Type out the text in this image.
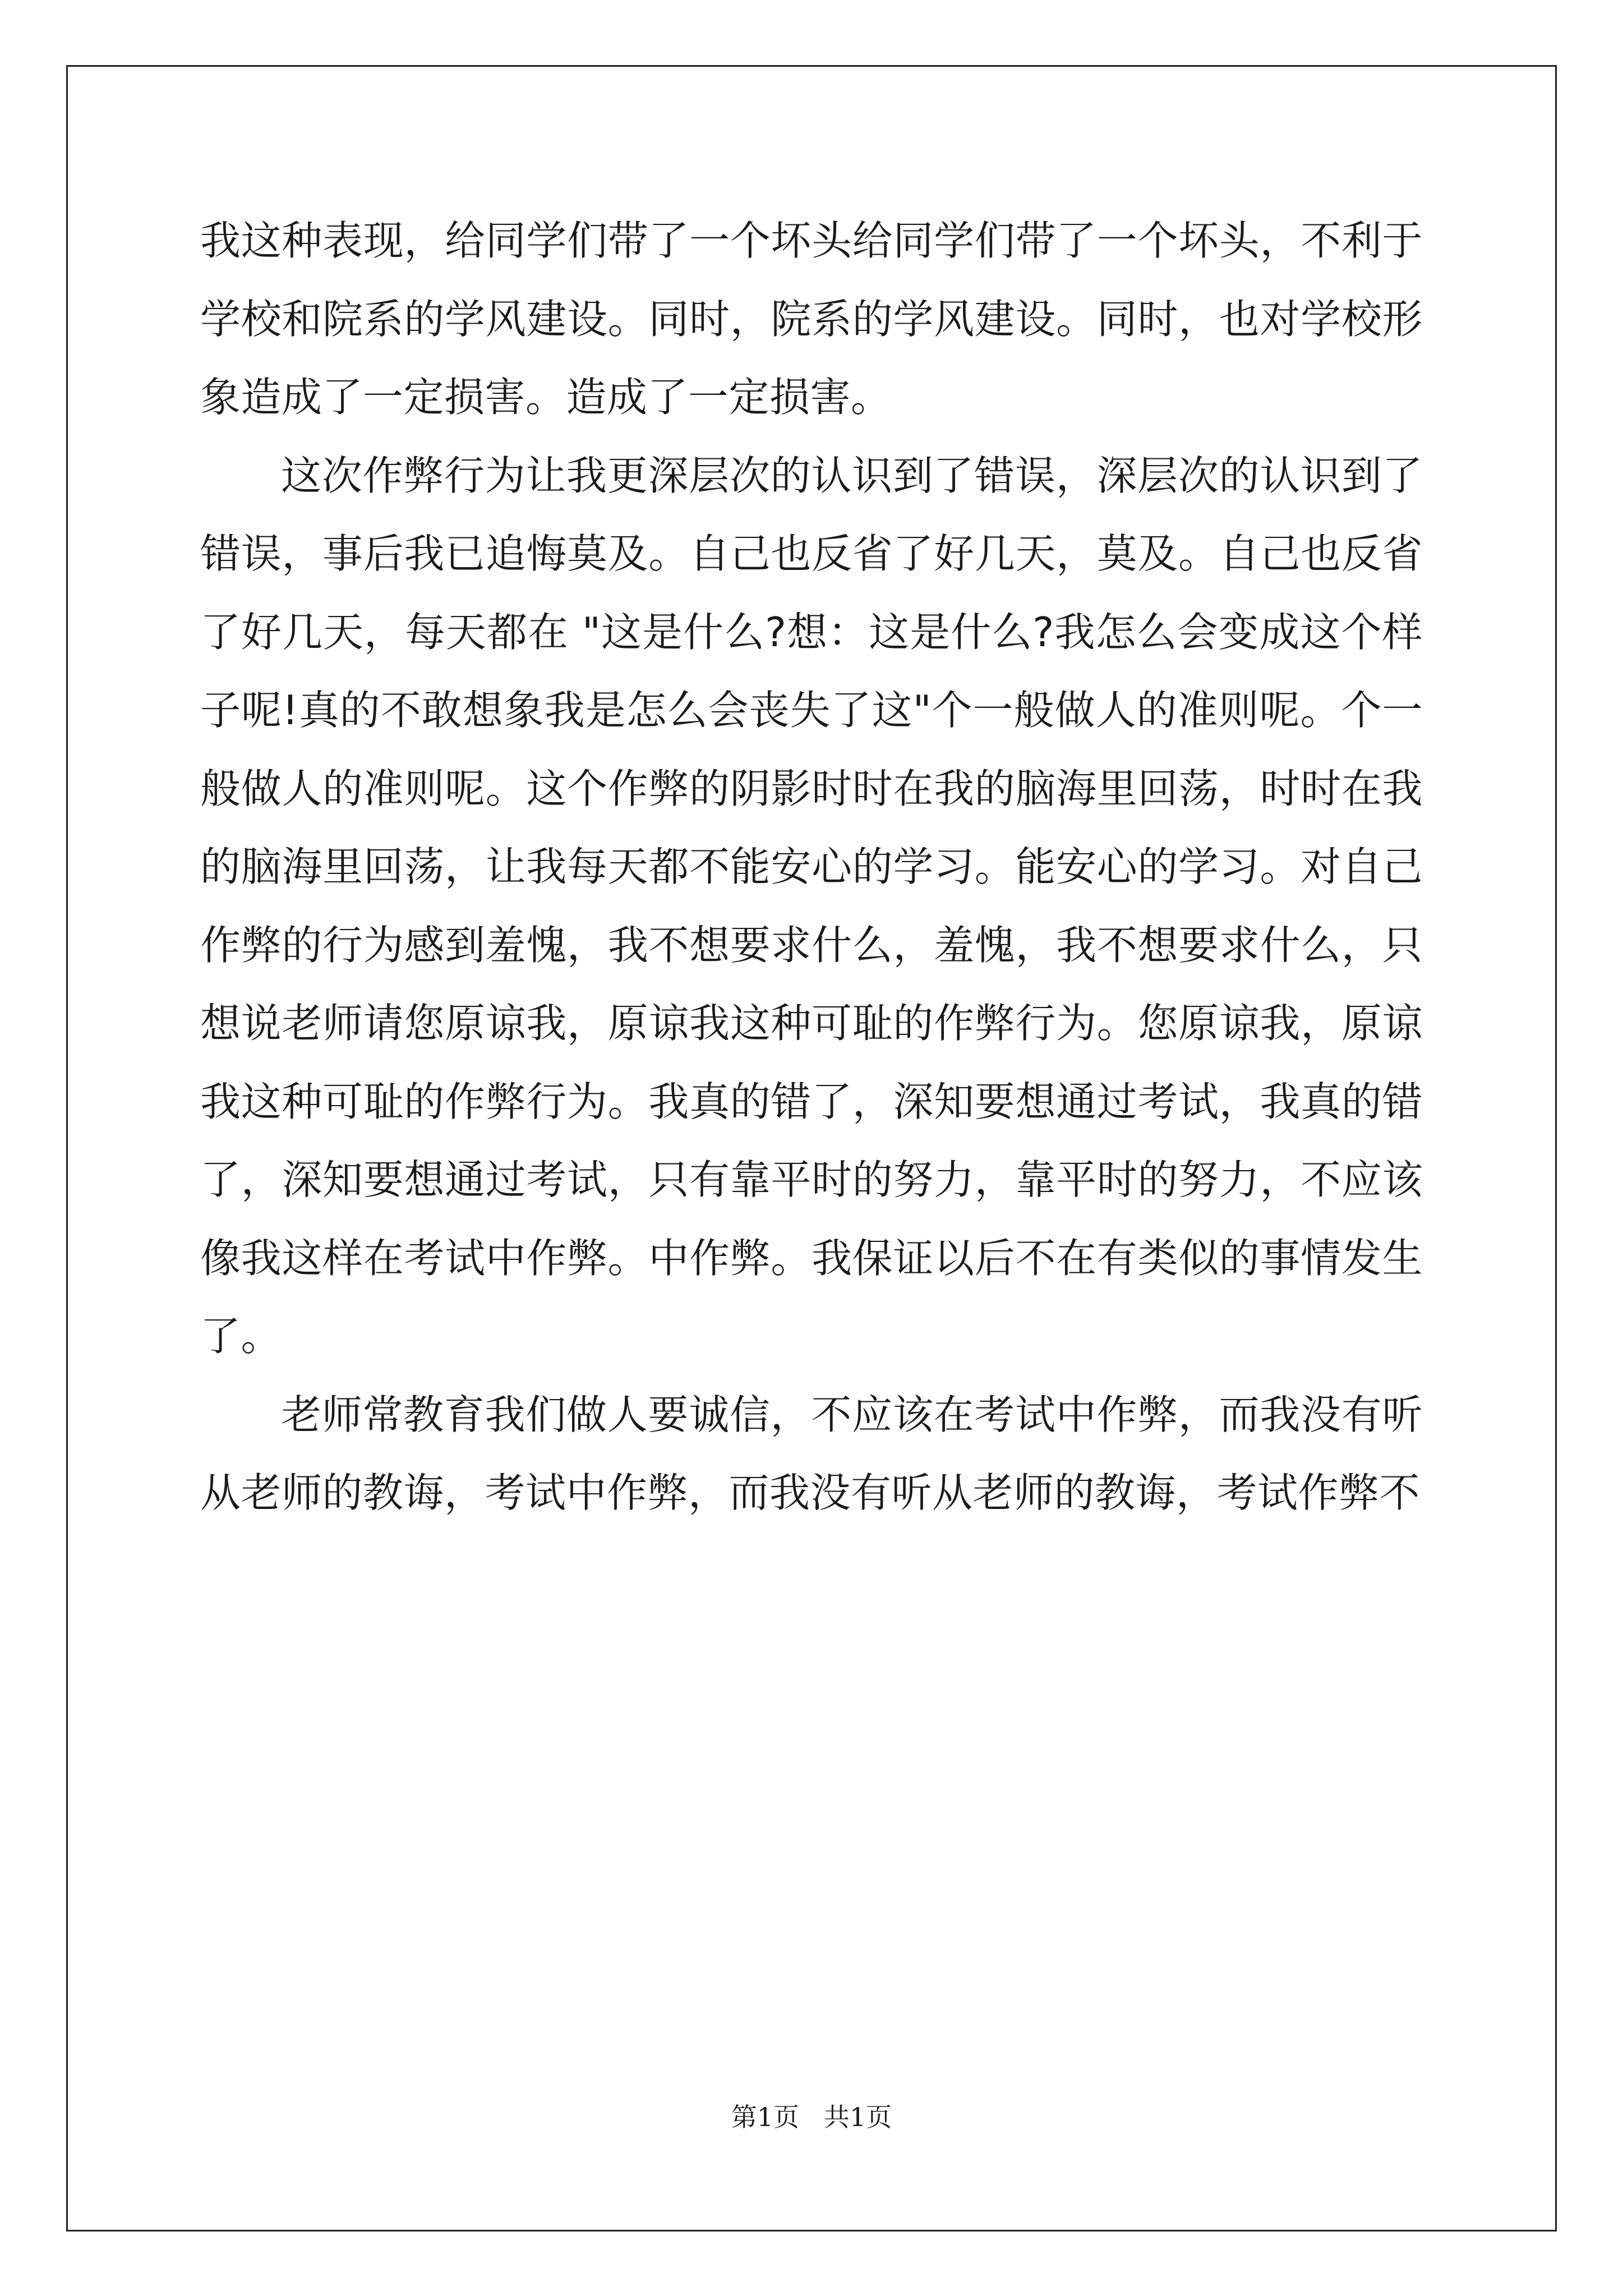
我这种表现，给同学们带了一个坏头给同学们带了一个坏头，不利于学校和院系的学风建设。同时，院系的学风建设。同时，也对学校形象造成了一定损害。造成了一定损害。

这次作弊行为让我更深层次的认识到了错误，深层次的认识到了错误，事后我已追悔莫及。自己也反省了好几天，莫及。自己也反省了好几天，每天都在 "这是什么?想：这是什么?我怎么会变成这个样子呢!真的不敢想象我是怎么会丧失了这"个一般做人的准则呢。个一般做人的准则呢。这个作弊的阴影时时在我的脑海里回荡，时时在我的脑海里回荡，让我每天都不能安心的学习。能安心的学习。对自己作弊的行为感到羞愧，我不想要求什么，羞愧，我不想要求什么，只想说老师请您原谅我，原谅我这种可耻的作弊行为。您原谅我，原谅我这种可耻的作弊行为。我真的错了，深知要想通过考试，我真的错了，深知要想通过考试，只有靠平时的努力，靠平时的努力，不应该像我这样在考试中作弊。中作弊。我保证以后不在有类似的事情发生了。

老师常教育我们做人要诚信，不应该在考试中作弊，而我没有听从老师的教诲，考试中作弊，而我没有听从老师的教诲，考试作弊不

第1页   共1页
